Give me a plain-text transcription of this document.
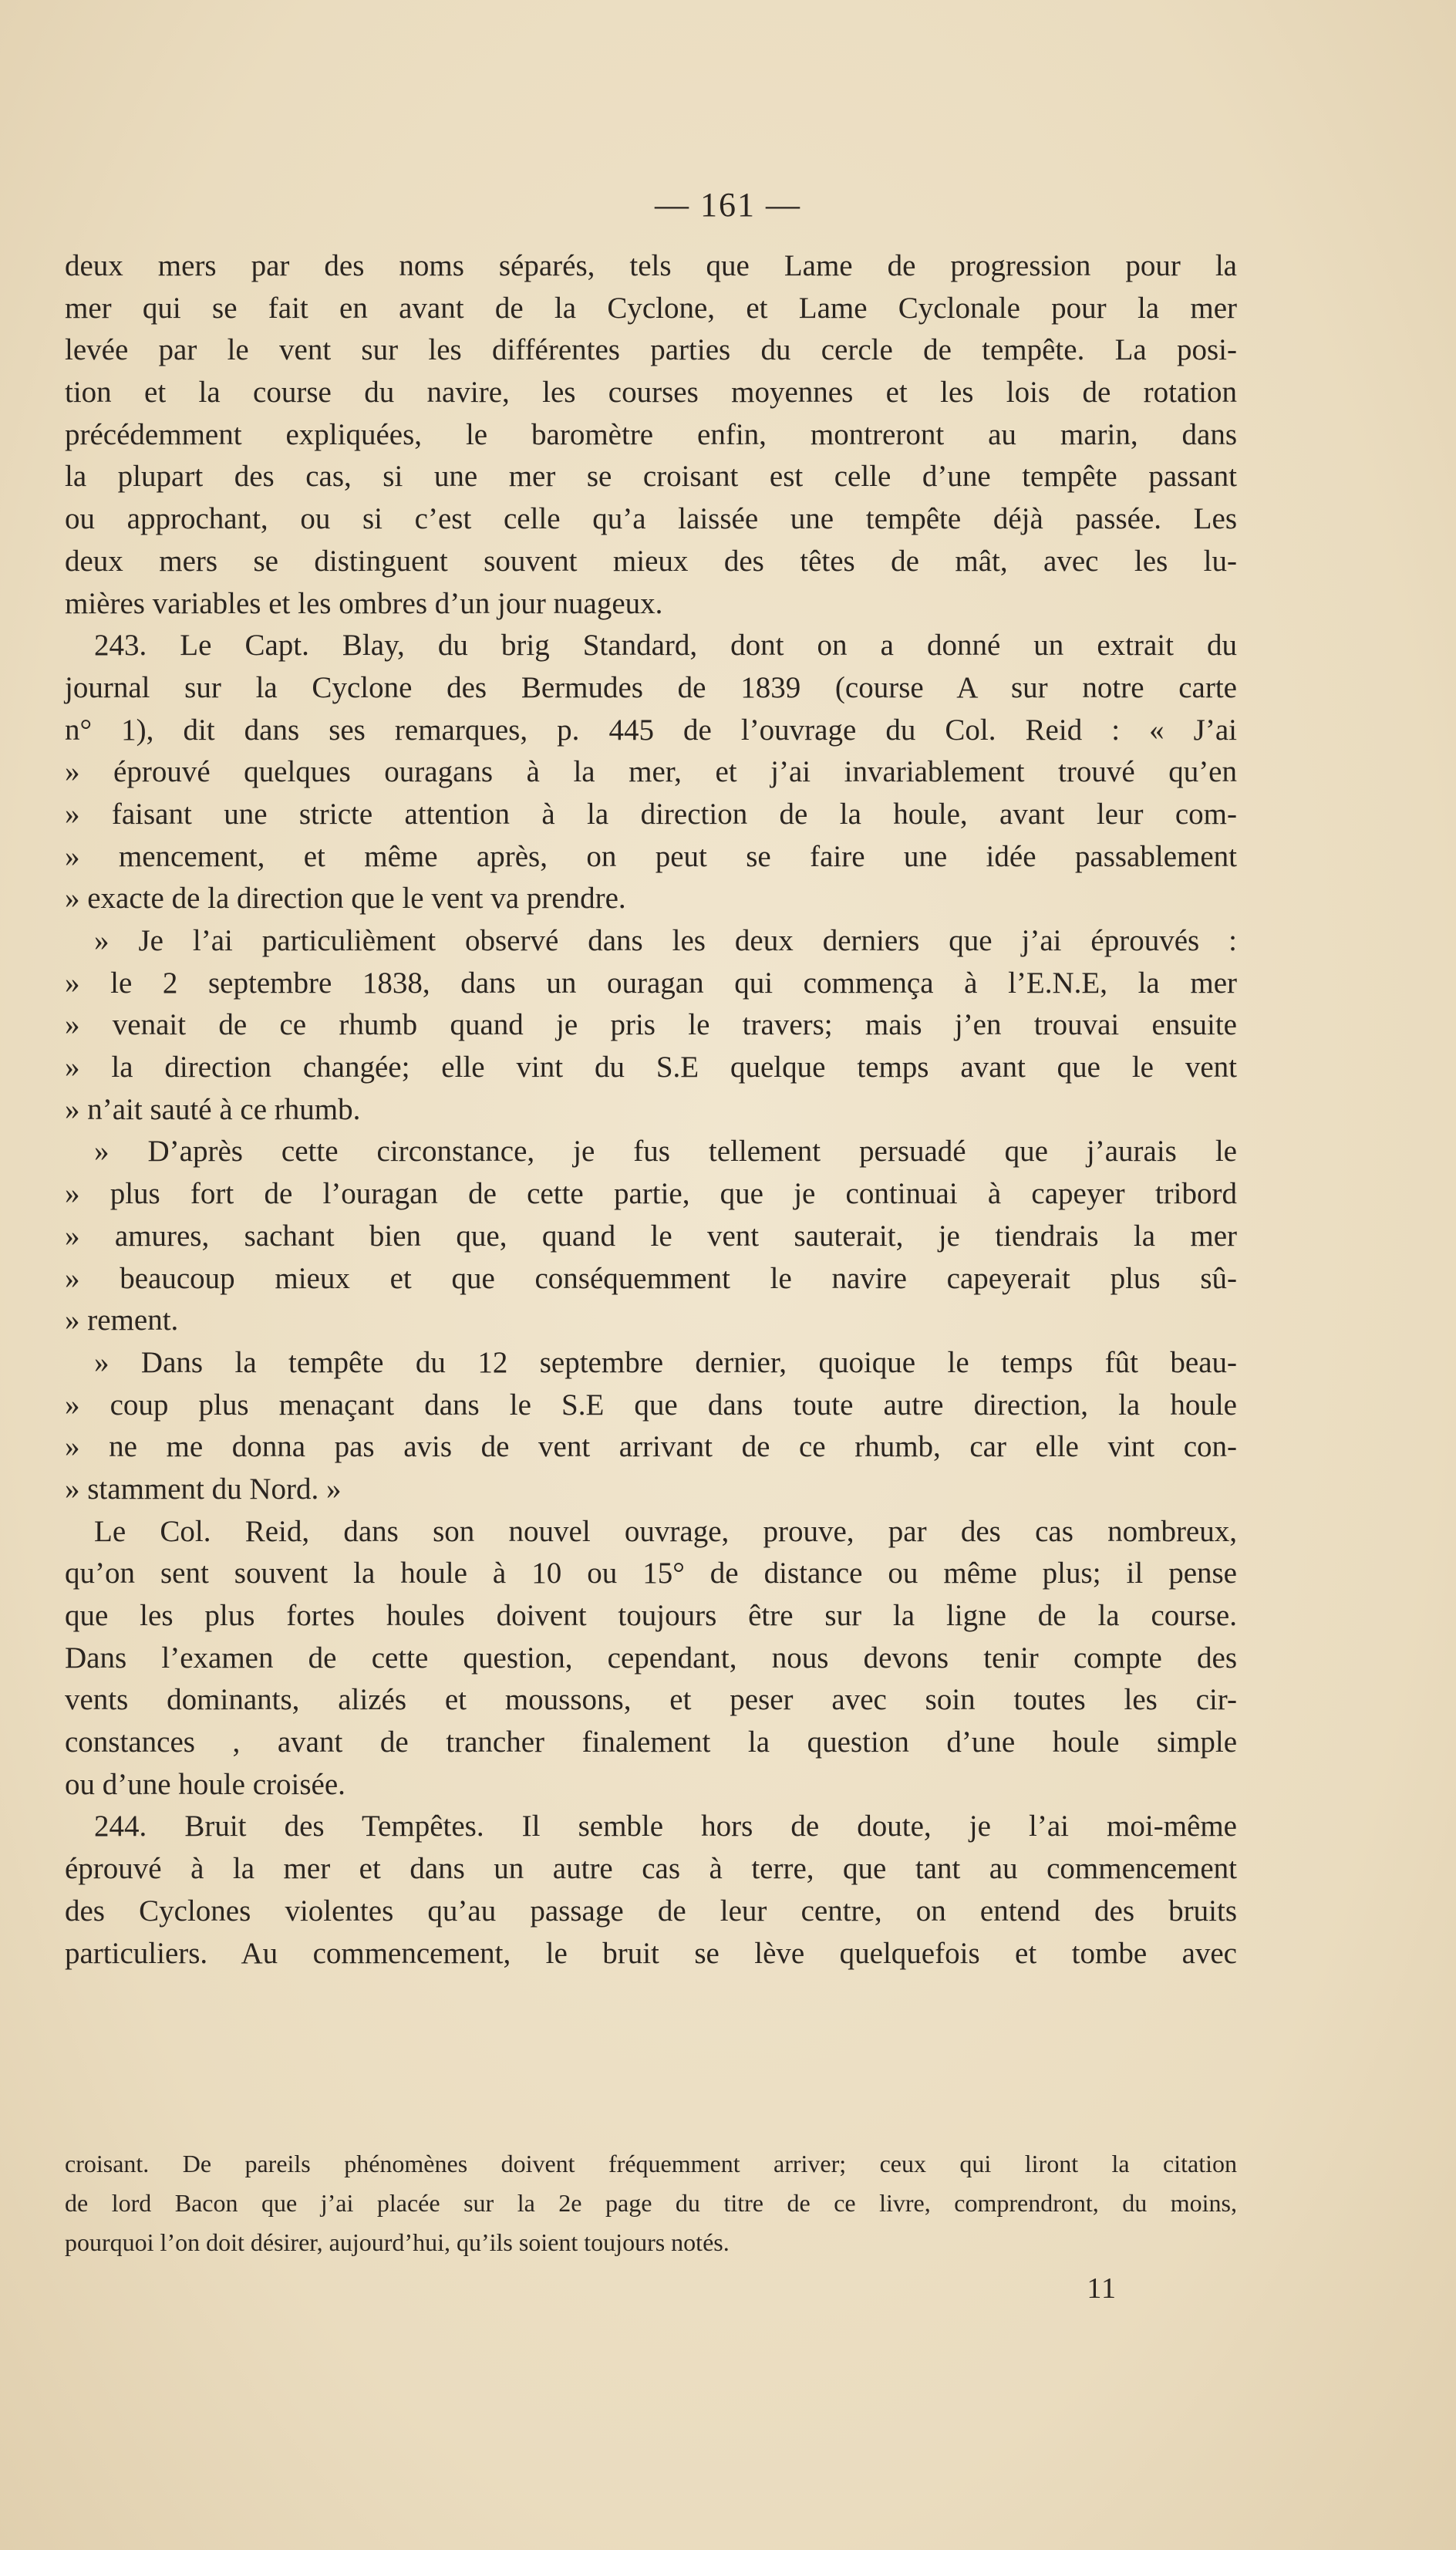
— 161 —
deux mers par des noms séparés, tels que Lame de progression pour la
mer qui se fait en avant de la Cyclone, et Lame Cyclonale pour la mer
levée par le vent sur les différentes parties du cercle de tempête. La posi-
tion et la course du navire, les courses moyennes et les lois de rotation
précédemment expliquées, le baromètre enfin, montreront au marin, dans
la plupart des cas, si une mer se croisant est celle d’une tempête passant
ou approchant, ou si c’est celle qu’a laissée une tempête déjà passée. Les
deux mers se distinguent souvent mieux des têtes de mât, avec les lu-
mières variables et les ombres d’un jour nuageux.
243. Le Capt. Blay, du brig Standard, dont on a donné un extrait du
journal sur la Cyclone des Bermudes de 1839 (course A sur notre carte
n° 1), dit dans ses remarques, p. 445 de l’ouvrage du Col. Reid : « J’ai
» éprouvé quelques ouragans à la mer, et j’ai invariablement trouvé qu’en
» faisant une stricte attention à la direction de la houle, avant leur com-
» mencement, et même après, on peut se faire une idée passablement
» exacte de la direction que le vent va prendre.
» Je l’ai particulièment observé dans les deux derniers que j’ai éprouvés :
» le 2 septembre 1838, dans un ouragan qui commença à l’E.N.E, la mer
» venait de ce rhumb quand je pris le travers; mais j’en trouvai ensuite
» la direction changée; elle vint du S.E quelque temps avant que le vent
» n’ait sauté à ce rhumb.
» D’après cette circonstance, je fus tellement persuadé que j’aurais le
» plus fort de l’ouragan de cette partie, que je continuai à capeyer tribord
» amures, sachant bien que, quand le vent sauterait, je tiendrais la mer
» beaucoup mieux et que conséquemment le navire capeyerait plus sû-
» rement.
» Dans la tempête du 12 septembre dernier, quoique le temps fût beau-
» coup plus menaçant dans le S.E que dans toute autre direction, la houle
» ne me donna pas avis de vent arrivant de ce rhumb, car elle vint con-
» stamment du Nord. »
Le Col. Reid, dans son nouvel ouvrage, prouve, par des cas nombreux,
qu’on sent souvent la houle à 10 ou 15° de distance ou même plus; il pense
que les plus fortes houles doivent toujours être sur la ligne de la course.
Dans l’examen de cette question, cependant, nous devons tenir compte des
vents dominants, alizés et moussons, et peser avec soin toutes les cir-
constances , avant de trancher finalement la question d’une houle simple
ou d’une houle croisée.
244. Bruit des Tempêtes. Il semble hors de doute, je l’ai moi-même
éprouvé à la mer et dans un autre cas à terre, que tant au commencement
des Cyclones violentes qu’au passage de leur centre, on entend des bruits
particuliers. Au commencement, le bruit se lève quelquefois et tombe avec
croisant. De pareils phénomènes doivent fréquemment arriver; ceux qui liront la citation
de lord Bacon que j’ai placée sur la 2e page du titre de ce livre, comprendront, du moins,
pourquoi l’on doit désirer, aujourd’hui, qu’ils soient toujours notés.
11
